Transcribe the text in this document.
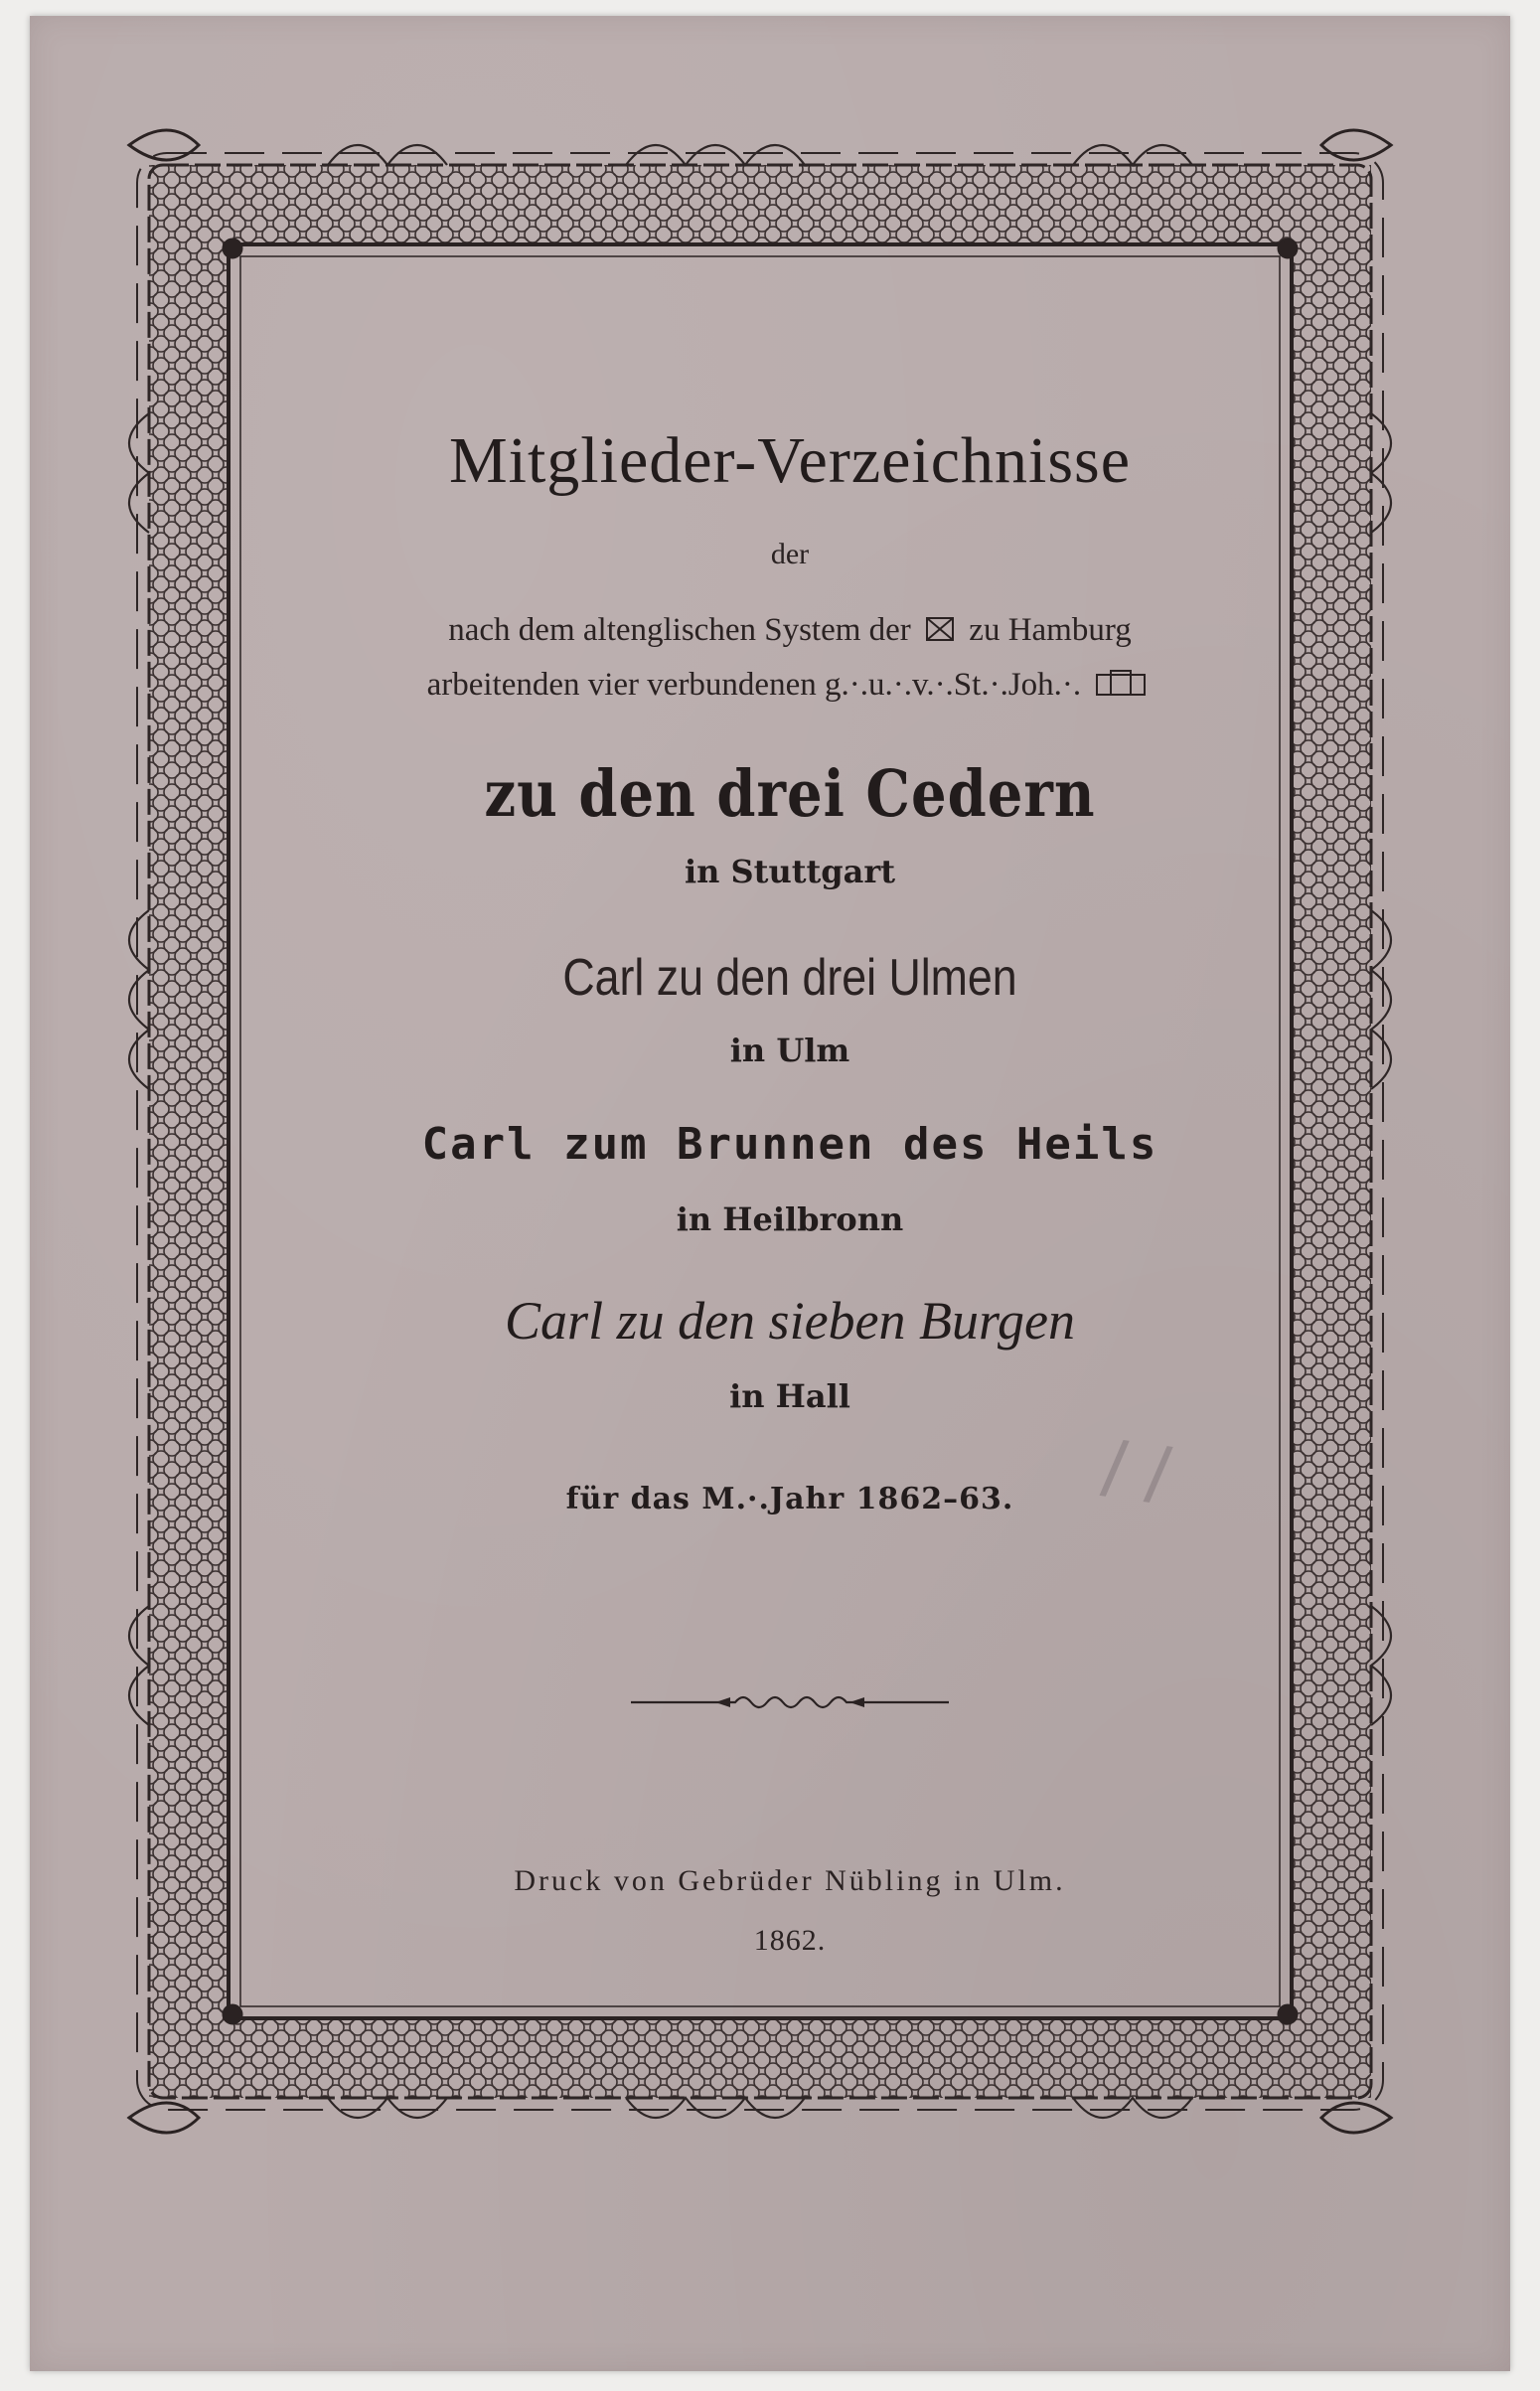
Mitglieder-Verzeichnisse
der
nach dem altenglischen System der zu Hamburg
arbeitenden vier verbundenen g.·.u.·.v.·.St.·.Joh.·.
zu den drei Cedern
in Stuttgart
Carl zu den drei Ulmen
in Ulm
Carl zum Brunnen des Heils
in Heilbronn
Carl zu den sieben Burgen
in Hall
für das M.·.Jahr 1862–63.
Druck von Gebrüder Nübling in Ulm.
1862.
/ /
